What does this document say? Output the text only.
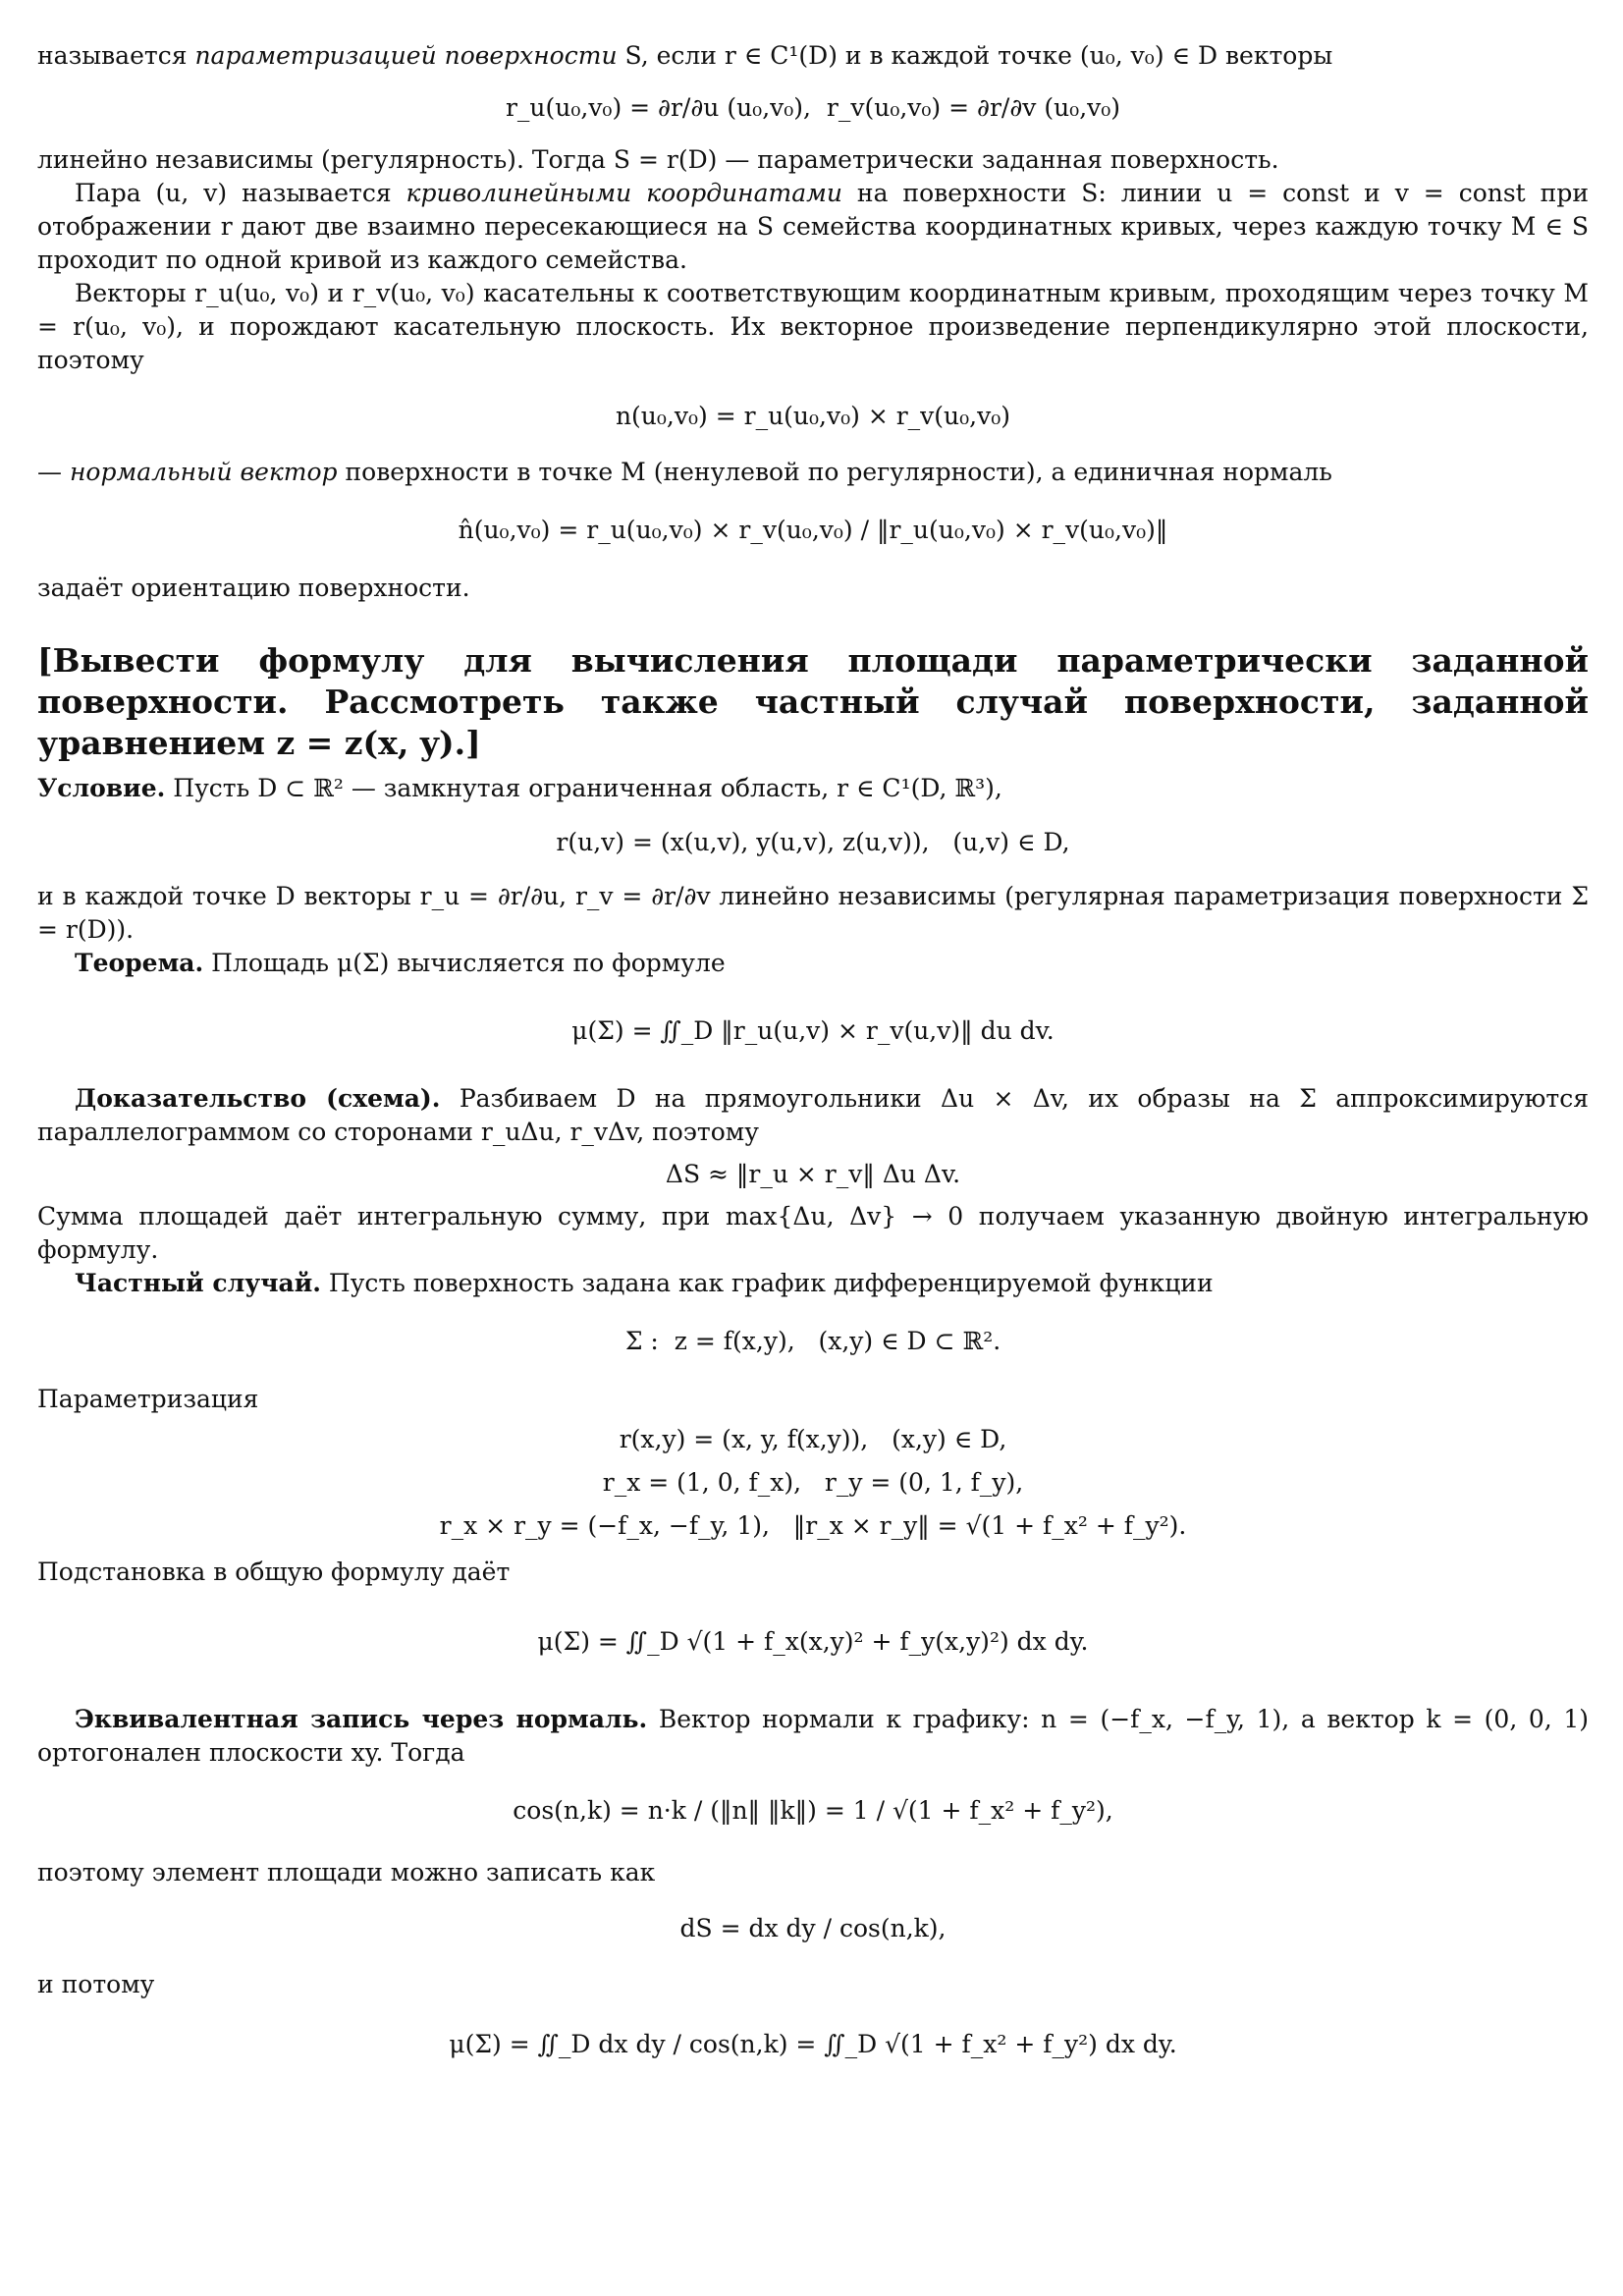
называется параметризацией поверхности S, если r ∈ C¹(D) и в каждой точке (u₀, v₀) ∈ D векторы

r_u(u₀,v₀) = ∂r/∂u (u₀,v₀),  r_v(u₀,v₀) = ∂r/∂v (u₀,v₀)

линейно независимы (регулярность). Тогда S = r(D) — параметрически заданная поверхность.

Пара (u, v) называется криволинейными координатами на поверхности S: линии u = const и v = const при отображении r дают две взаимно пересекающиеся на S семейства координатных кривых, через каждую точку M ∈ S проходит по одной кривой из каждого семейства.

Векторы r_u(u₀, v₀) и r_v(u₀, v₀) касательны к соответствующим координатным кривым, проходящим через точку M = r(u₀, v₀), и порождают касательную плоскость. Их векторное произведение перпендикулярно этой плоскости, поэтому

n(u₀,v₀) = r_u(u₀,v₀) × r_v(u₀,v₀)

— нормальный вектор поверхности в точке M (ненулевой по регулярности), а единичная нормаль

n̂(u₀,v₀) = r_u(u₀,v₀) × r_v(u₀,v₀) / ‖r_u(u₀,v₀) × r_v(u₀,v₀)‖

задаёт ориентацию поверхности.

[Вывести формулу для вычисления площади параметрически заданной поверхности. Рассмотреть также частный случай поверхности, заданной уравнением z = z(x, y).]

Условие. Пусть D ⊂ ℝ² — замкнутая ограниченная область, r ∈ C¹(D, ℝ³),

r(u,v) = (x(u,v), y(u,v), z(u,v)),   (u,v) ∈ D,

и в каждой точке D векторы r_u = ∂r/∂u, r_v = ∂r/∂v линейно независимы (регулярная параметризация поверхности Σ = r(D)).

Теорема. Площадь μ(Σ) вычисляется по формуле

μ(Σ) = ∬_D ‖r_u(u,v) × r_v(u,v)‖ du dv.

Доказательство (схема). Разбиваем D на прямоугольники Δu × Δv, их образы на Σ аппроксимируются параллелограммом со сторонами r_uΔu, r_vΔv, поэтому

ΔS ≈ ‖r_u × r_v‖ Δu Δv.

Сумма площадей даёт интегральную сумму, при max{Δu, Δv} → 0 получаем указанную двойную интегральную формулу.

Частный случай. Пусть поверхность задана как график дифференцируемой функции

Σ :  z = f(x,y),   (x,y) ∈ D ⊂ ℝ².

Параметризация

r(x,y) = (x, y, f(x,y)),   (x,y) ∈ D,
r_x = (1, 0, f_x),   r_y = (0, 1, f_y),
r_x × r_y = (−f_x, −f_y, 1),   ‖r_x × r_y‖ = √(1 + f_x² + f_y²).

Подстановка в общую формулу даёт

μ(Σ) = ∬_D √(1 + f_x(x,y)² + f_y(x,y)²) dx dy.

Эквивалентная запись через нормаль. Вектор нормали к графику: n = (−f_x, −f_y, 1), а вектор k = (0, 0, 1) ортогонален плоскости xy. Тогда

cos(n,k) = n·k / (‖n‖ ‖k‖) = 1 / √(1 + f_x² + f_y²),

поэтому элемент площади можно записать как

dS = dx dy / cos(n,k),

и потому

μ(Σ) = ∬_D dx dy / cos(n,k) = ∬_D √(1 + f_x² + f_y²) dx dy.
